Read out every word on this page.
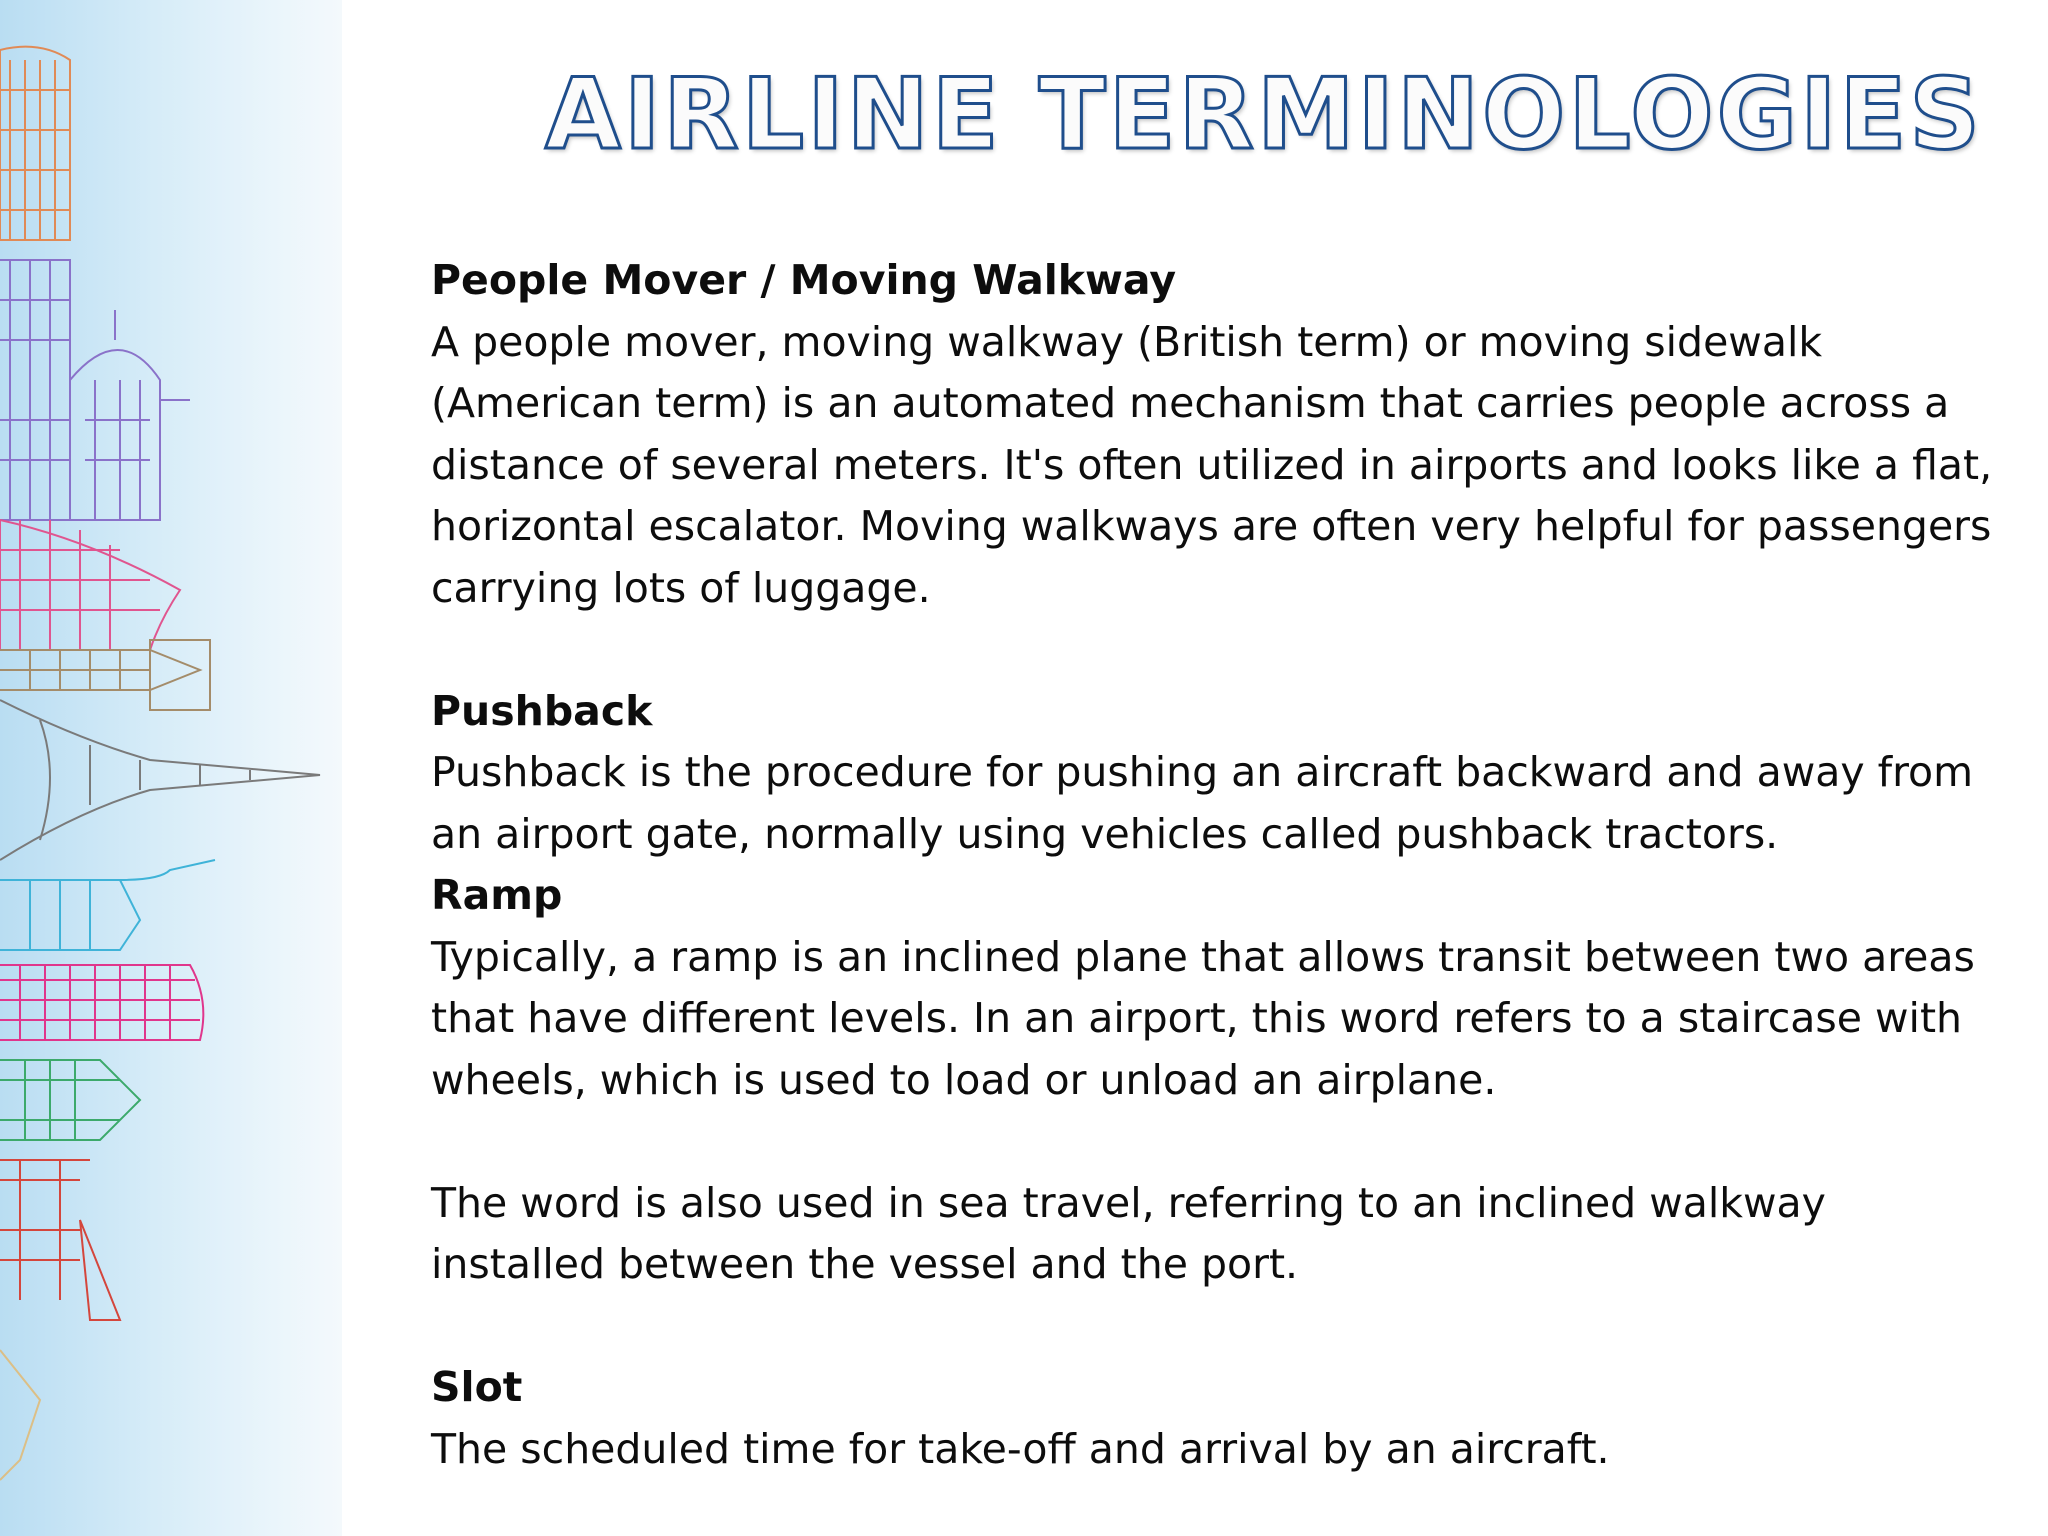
AIRLINE TERMINOLOGIES

People Mover / Moving Walkway

A people mover, moving walkway (British term) or moving sidewalk (American term) is an automated mechanism that carries people across a distance of several meters. It's often utilized in airports and looks like a flat, horizontal escalator. Moving walkways are often very helpful for passengers carrying lots of luggage.

Pushback

Pushback is the procedure for pushing an aircraft backward and away from an airport gate, normally using vehicles called pushback tractors.

Ramp

Typically, a ramp is an inclined plane that allows transit between two areas that have different levels. In an airport, this word refers to a staircase with wheels, which is used to load or unload an airplane.

The word is also used in sea travel, referring to an inclined walkway installed between the vessel and the port.

Slot

The scheduled time for take-off and arrival by an aircraft.
